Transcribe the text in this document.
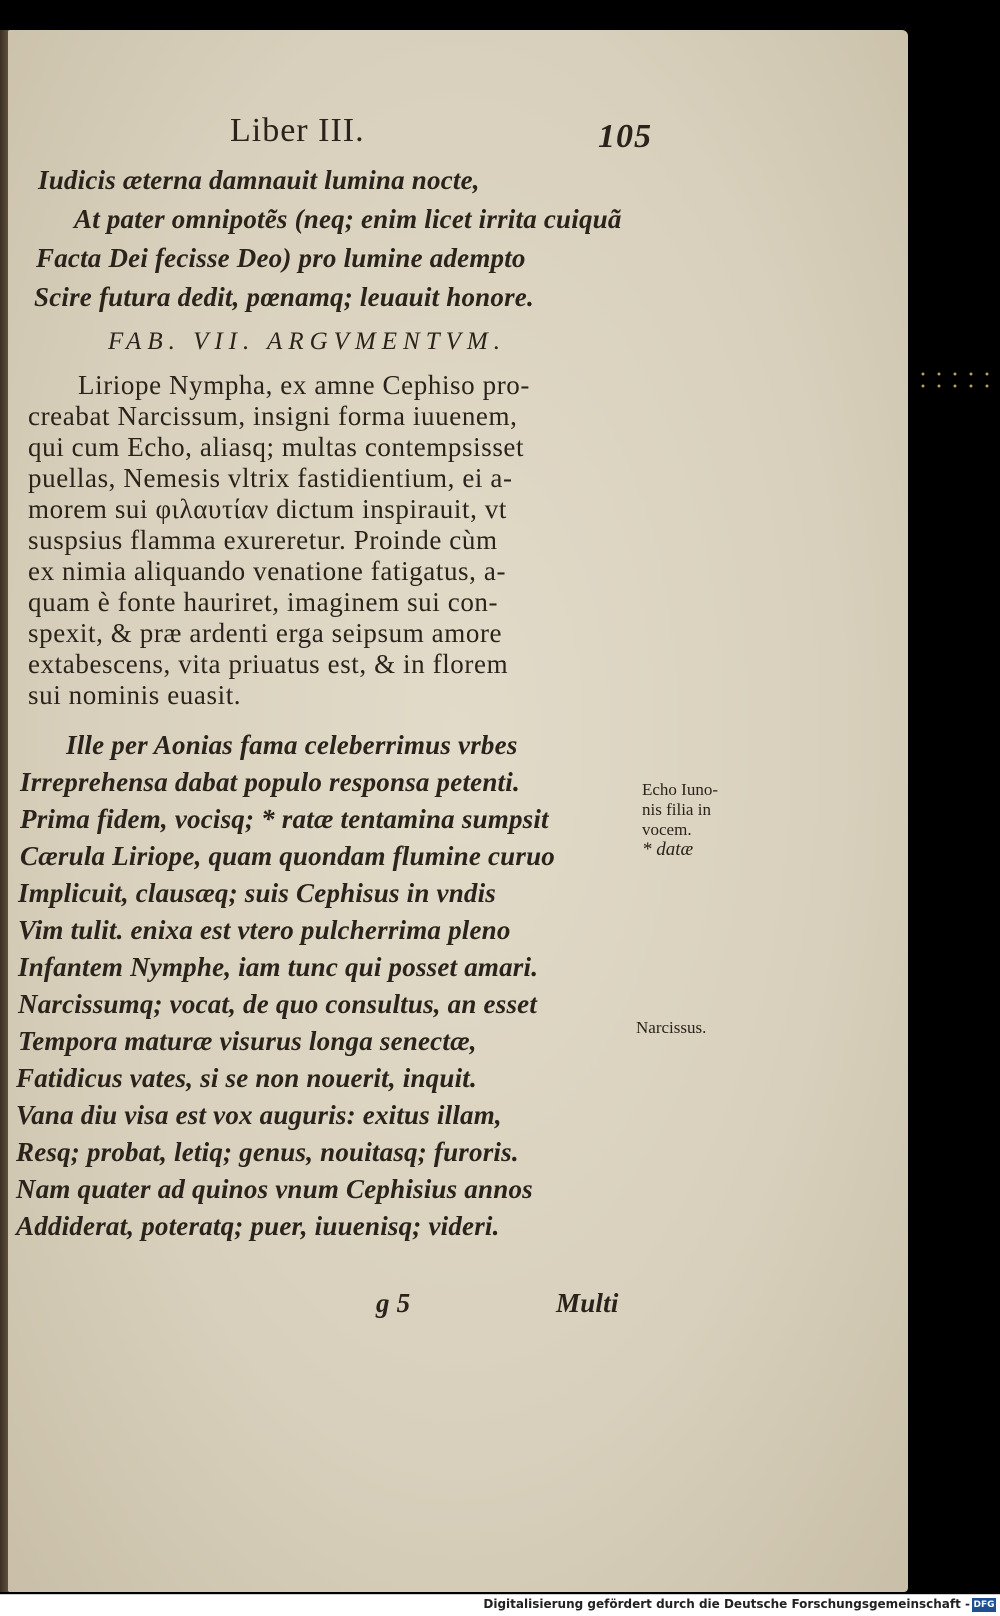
Liber III.	105
Iudicis æterna damnauit lumina nocte,
At pater omnipotẽs (neq; enim licet irrita cuiquã
Facta Dei fecisse Deo) pro lumine adempto
Scire futura dedit, pœnamq; leuauit honore.
FAB. VII. ARGVMENTVM.
Liriope Nympha, ex amne Cephiso pro-
creabat Narcissum, insigni forma iuuenem,
qui cum Echo, aliasq; multas contempsisset
puellas, Nemesis vltrix fastidientium, ei a-
morem sui φιλαυτίαν dictum inspirauit, vt
suspsius flamma exureretur. Proinde cùm
ex nimia aliquando venatione fatigatus, a-
quam è fonte hauriret, imaginem sui con-
spexit, & præ ardenti erga seipsum amore
extabescens, vita priuatus est, & in florem
sui nominis euasit.
Ille per Aonias fama celeberrimus vrbes
Irreprehensa dabat populo responsa petenti.
Prima fidem, vocisq; * ratæ tentamina sumpsit
Cærula Liriope, quam quondam flumine curuo
Implicuit, clausæq; suis Cephisus in vndis
Vim tulit. enixa est vtero pulcherrima pleno
Infantem Nymphe, iam tunc qui posset amari.
Narcissumq; vocat, de quo consultus, an esset
Tempora maturæ visurus longa senectæ,
Fatidicus vates, si se non nouerit, inquit.
Vana diu visa est vox auguris: exitus illam,
Resq; probat, letiq; genus, nouitasq; furoris.
Nam quater ad quinos vnum Cephisius annos
Addiderat, poteratq; puer, iuuenisq; videri.
Echo Iuno-
nis filia in
vocem.
* datæ
Narcissus.
g 5	Multi
Digitalisierung gefördert durch die Deutsche Forschungsgemeinschaft - DFG
